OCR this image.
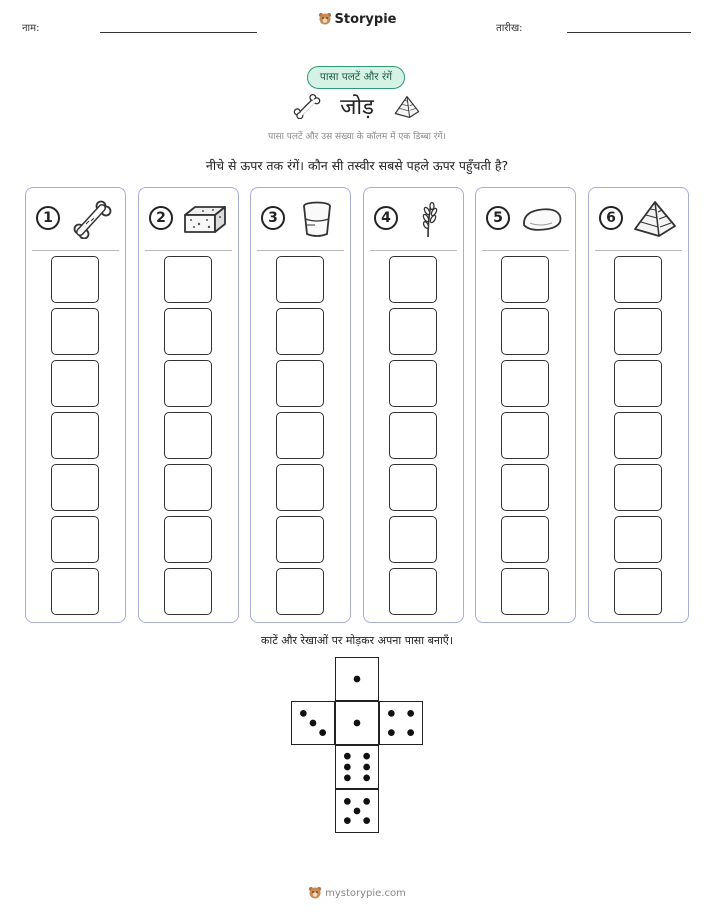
नाम:
Storypie
तारीख:
पासा पलटें और रंगें
जोड़
पासा पलटें और उस संख्या के कॉलम में एक डिब्बा रंगें।
नीचे से ऊपर तक रंगें। कौन सी तस्वीर सबसे पहले ऊपर पहुँचती है?
1	2	3	4	5	6
काटें और रेखाओं पर मोड़कर अपना पासा बनाएँ।
mystorypie.com
